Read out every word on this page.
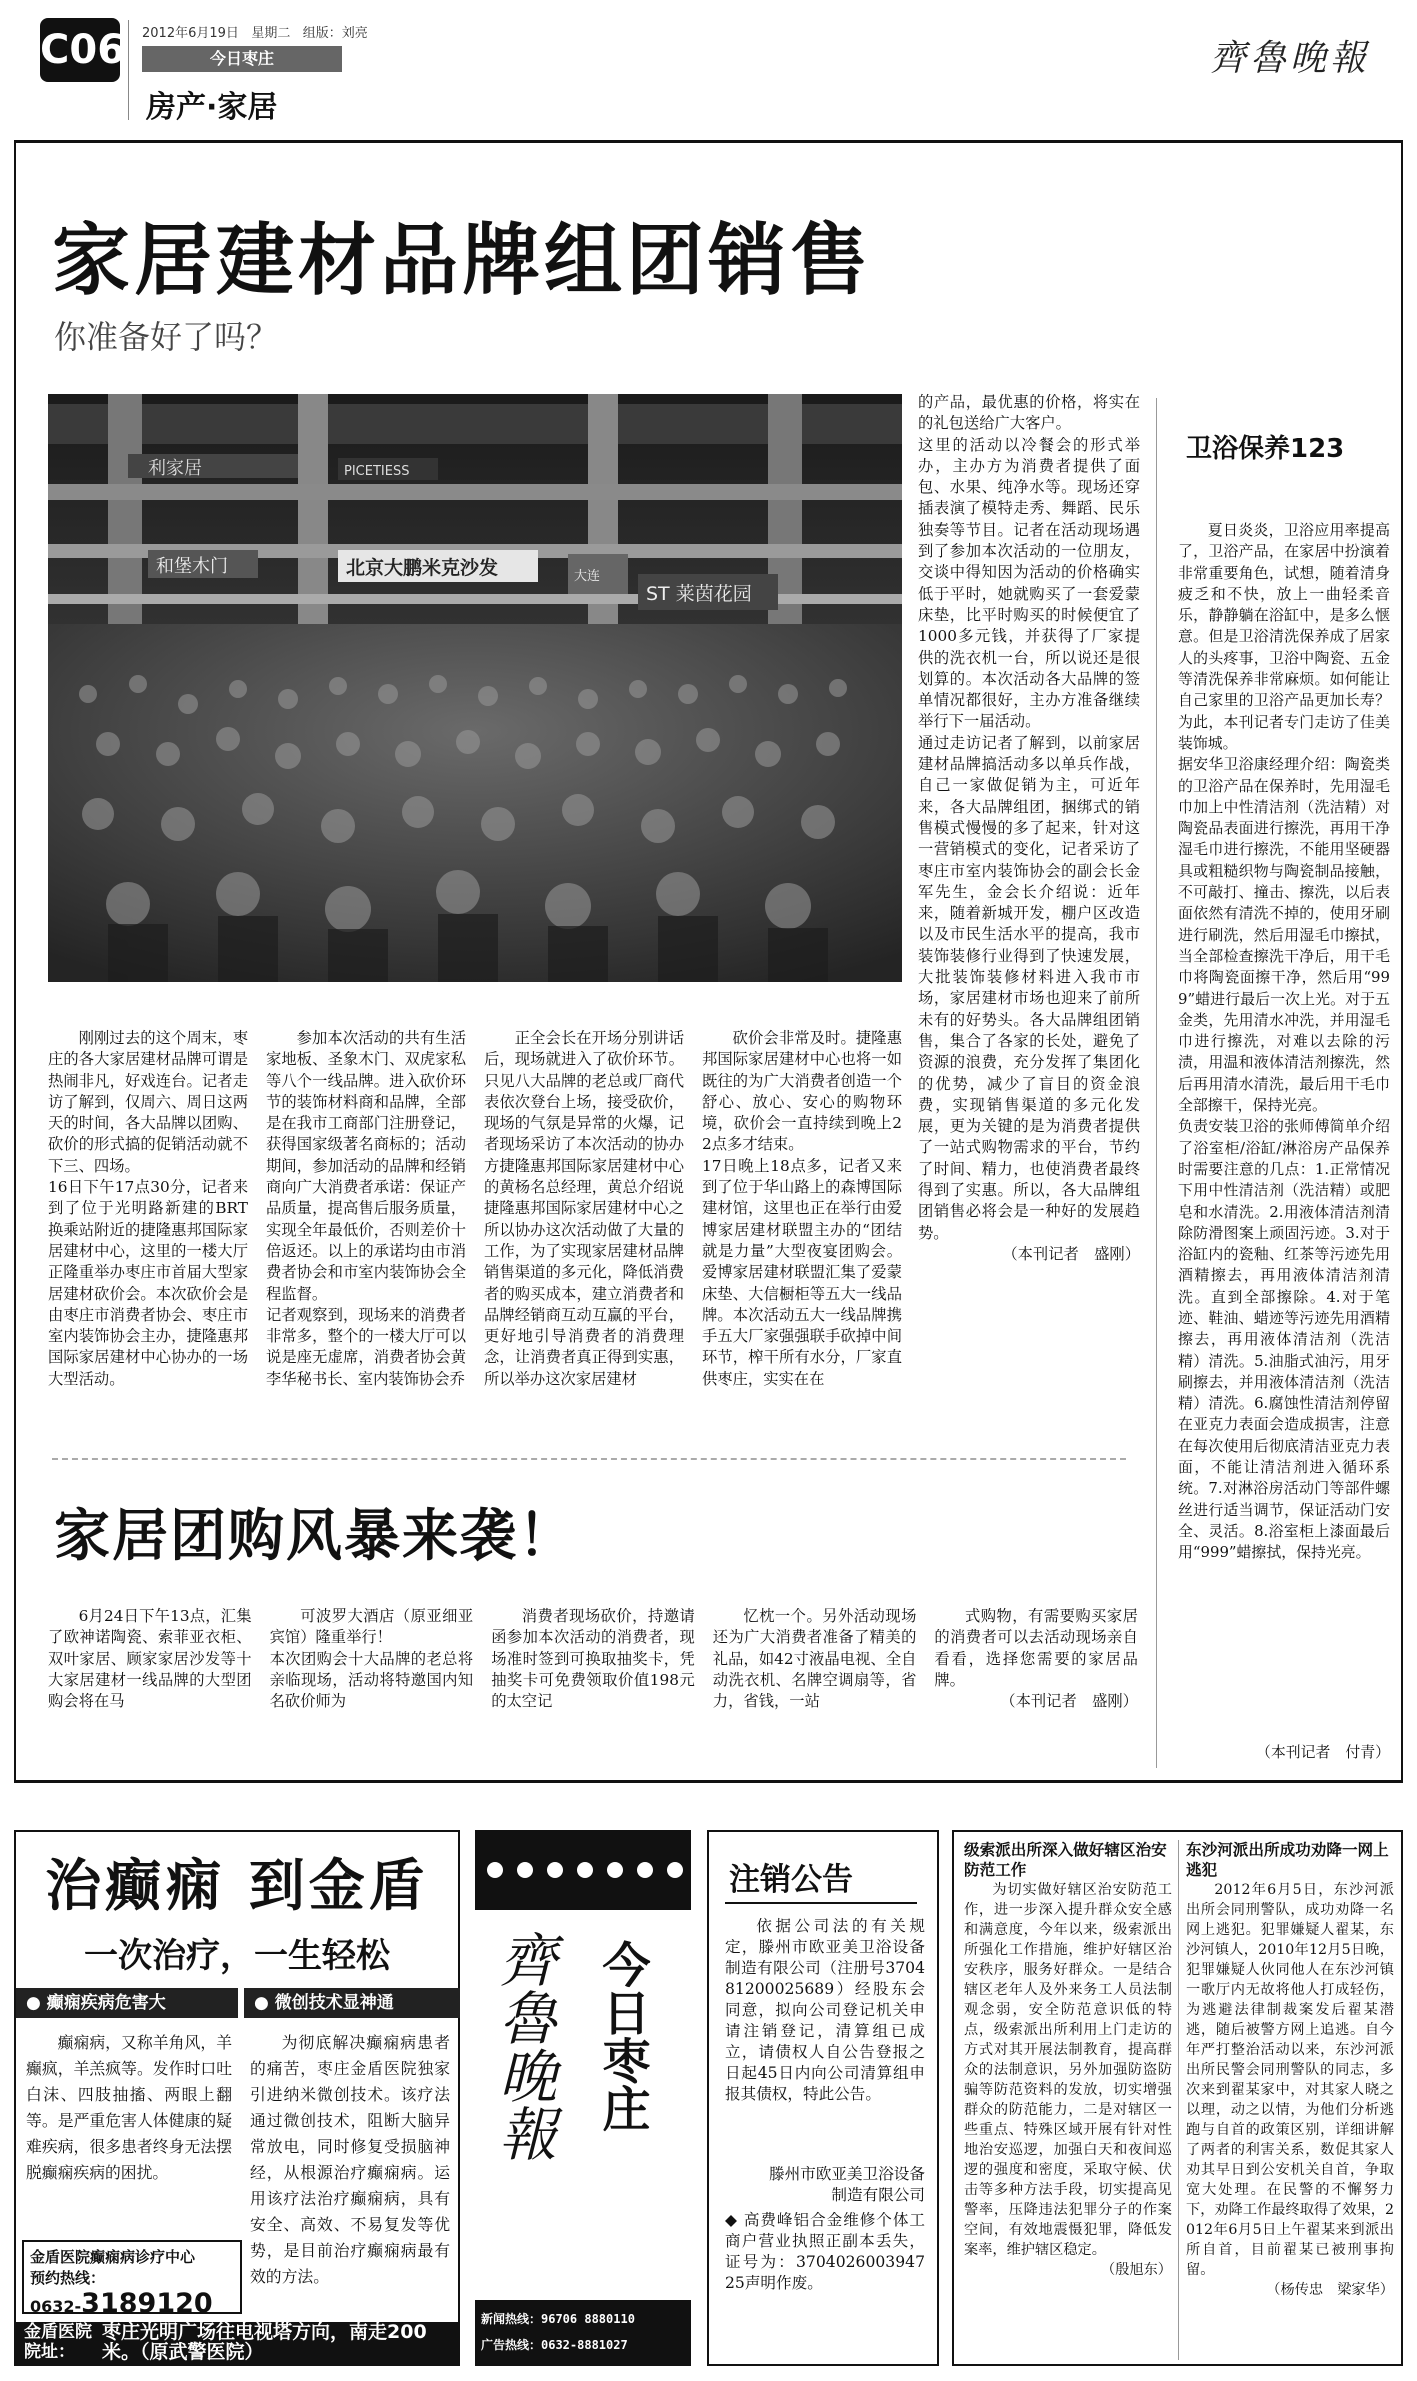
C06 2012年6月19日 星期二 组版：刘亮
今日枣庄
房产·家居
齊魯晚報
家居建材品牌组团销售
你准备好了吗？
利家居	PICETIESS
北京大鹏米克沙发
和堡木门
ST 莱茵花园
大连
的产品，最优惠的价格，将实在的礼包送给广大客户。
这里的活动以冷餐会的形式举办，主办方为消费者提供了面包、水果、纯净水等。现场还穿插表演了模特走秀、舞蹈、民乐独奏等节目。记者在活动现场遇到了参加本次活动的一位朋友，交谈中得知因为活动的价格确实低于平时，她就购买了一套爱蒙床垫，比平时购买的时候便宜了1000多元钱，并获得了厂家提供的洗衣机一台，所以说还是很划算的。本次活动各大品牌的签单情况都很好，主办方准备继续举行下一届活动。
通过走访记者了解到，以前家居建材品牌搞活动多以单兵作战，自己一家做促销为主，可近年来，各大品牌组团，捆绑式的销售模式慢慢的多了起来，针对这一营销模式的变化，记者采访了枣庄市室内装饰协会的副会长金军先生，金会长介绍说：近年来，随着新城开发，棚户区改造以及市民生活水平的提高，我市装饰装修行业得到了快速发展，大批装饰装修材料进入我市市场，家居建材市场也迎来了前所未有的好势头。各大品牌组团销售，集合了各家的长处，避免了资源的浪费，充分发挥了集团化的优势，减少了盲目的资金浪费，实现销售渠道的多元化发展，更为关键的是为消费者提供了一站式购物需求的平台，节约了时间、精力，也使消费者最终得到了实惠。所以，各大品牌组团销售必将会是一种好的发展趋势。
（本刊记者　盛刚）
刚刚过去的这个周末，枣庄的各大家居建材品牌可谓是热闹非凡，好戏连台。记者走访了解到，仅周六、周日这两天的时间，各大品牌以团购、砍价的形式搞的促销活动就不下三、四场。
16日下午17点30分，记者来到了位于光明路新建的BRT换乘站附近的捷隆惠邦国际家居建材中心，这里的一楼大厅正隆重举办枣庄市首届大型家居建材砍价会。本次砍价会是由枣庄市消费者协会、枣庄市室内装饰协会主办，捷隆惠邦国际家居建材中心协办的一场大型活动。
参加本次活动的共有生活家地板、圣象木门、双虎家私等八个一线品牌。进入砍价环节的装饰材料商和品牌，全部是在我市工商部门注册登记，获得国家级著名商标的；活动期间，参加活动的品牌和经销商向广大消费者承诺：保证产品质量，提高售后服务质量，实现全年最低价，否则差价十倍返还。以上的承诺均由市消费者协会和市室内装饰协会全程监督。
记者观察到，现场来的消费者非常多，整个的一楼大厅可以说是座无虚席，消费者协会黄李华秘书长、室内装饰协会乔
正全会长在开场分别讲话后，现场就进入了砍价环节。只见八大品牌的老总或厂商代表依次登台上场，接受砍价，现场的气氛是异常的火爆，记者现场采访了本次活动的协办方捷隆惠邦国际家居建材中心的黄杨名总经理，黄总介绍说捷隆惠邦国际家居建材中心之所以协办这次活动做了大量的工作，为了实现家居建材品牌销售渠道的多元化，降低消费者的购买成本，建立消费者和品牌经销商互动互赢的平台，更好地引导消费者的消费理念，让消费者真正得到实惠，所以举办这次家居建材
砍价会非常及时。捷隆惠邦国际家居建材中心也将一如既往的为广大消费者创造一个舒心、放心、安心的购物环境，砍价会一直持续到晚上22点多才结束。
17日晚上18点多，记者又来到了位于华山路上的森博国际建材馆，这里也正在举行由爱博家居建材联盟主办的“团结就是力量”大型夜宴团购会。爱博家居建材联盟汇集了爱蒙床垫、大信橱柜等五大一线品牌。本次活动五大一线品牌携手五大厂家强强联手砍掉中间环节，榨干所有水分，厂家直供枣庄，实实在在
卫浴保养123
夏日炎炎，卫浴应用率提高了，卫浴产品，在家居中扮演着非常重要角色，试想，随着清身疲乏和不快，放上一曲轻柔音乐，静静躺在浴缸中，是多么惬意。但是卫浴清洗保养成了居家人的头疼事，卫浴中陶瓷、五金等清洗保养非常麻烦。如何能让自己家里的卫浴产品更加长寿？为此，本刊记者专门走访了佳美装饰城。
据安华卫浴康经理介绍：陶瓷类的卫浴产品在保养时，先用湿毛巾加上中性清洁剂（洗洁精）对陶瓷品表面进行擦洗，再用干净湿毛巾进行擦洗，不能用坚硬器具或粗糙织物与陶瓷制品接触，不可敲打、撞击、擦洗，以后表面依然有清洗不掉的，使用牙刷进行刷洗，然后用湿毛巾擦拭，当全部检查擦洗干净后，用干毛巾将陶瓷面擦干净，然后用“999”蜡进行最后一次上光。对于五金类，先用清水冲洗，并用湿毛巾进行擦洗，对难以去除的污渍，用温和液体清洁剂擦洗，然后再用清水清洗，最后用干毛巾全部擦干，保持光亮。
负责安装卫浴的张师傅简单介绍了浴室柜/浴缸/淋浴房产品保养时需要注意的几点：1.正常情况下用中性清洁剂（洗洁精）或肥皂和水清洗。2.用液体清洁剂清除防滑图案上顽固污迹。3.对于浴缸内的瓷釉、红茶等污迹先用酒精擦去，再用液体清洁剂清洗。直到全部擦除。4.对于笔迹、鞋油、蜡迹等污迹先用酒精擦去，再用液体清洁剂（洗洁精）清洗。5.油脂式油污，用牙刷擦去，并用液体清洁剂（洗洁精）清洗。6.腐蚀性清洁剂停留在亚克力表面会造成损害，注意在每次使用后彻底清洁亚克力表面，不能让清洁剂进入循环系统。7.对淋浴房活动门等部件螺丝进行适当调节，保证活动门安全、灵活。8.浴室柜上漆面最后用“999”蜡擦拭，保持光亮。
（本刊记者　付青）
家居团购风暴来袭！
6月24日下午13点，汇集了欧神诺陶瓷、索菲亚衣柜、双叶家居、顾家家居沙发等十大家居建材一线品牌的大型团购会将在马
可波罗大酒店（原亚细亚宾馆）隆重举行！
本次团购会十大品牌的老总将亲临现场，活动将特邀国内知名砍价师为
消费者现场砍价，持邀请函参加本次活动的消费者，现场准时签到可换取抽奖卡，凭抽奖卡可免费领取价值198元的太空记
忆枕一个。另外活动现场还为广大消费者准备了精美的礼品，如42寸液晶电视、全自动洗衣机、名牌空调扇等，省力，省钱，一站
式购物，有需要购买家居的消费者可以去活动现场亲自看看，选择您需要的家居品牌。
（本刊记者　盛刚）
治癫痫 到金盾
一次治疗，一生轻松
● 癫痫疾病危害大	● 微创技术显神通
癫痫病，又称羊角风，羊癫疯，羊羔疯等。发作时口吐白沫、四肢抽搐、两眼上翻等。是严重危害人体健康的疑难疾病，很多患者终身无法摆脱癫痫疾病的困扰。
为彻底解决癫痫病患者的痛苦，枣庄金盾医院独家引进纳米微创技术。该疗法通过微创技术，阻断大脑异常放电，同时修复受损脑神经，从根源治疗癫痫病。运用该疗法治疗癫痫病，具有安全、高效、不易复发等优势，是目前治疗癫痫病最有效的方法。
金盾医院癫痫病诊疗中心
预约热线：
0632-3189120
金盾医院
院址：
枣庄光明广场往电视塔方向，南走200米。（原武警医院）
齊魯晚報 今日枣庄
新闻热线：96706 8880110
广告热线：0632-8881027
注销公告
依据公司法的有关规定，滕州市欧亚美卫浴设备制造有限公司（注册号370481200025689）经股东会同意，拟向公司登记机关申请注销登记，清算组已成立，请债权人自公告登报之日起45日内向公司清算组申报其债权，特此公告。
滕州市欧亚美卫浴设备制造有限公司
◆ 高费峰铝合金维修个体工商户营业执照正副本丢失，证号为：370402600394725声明作废。
级索派出所深入做好辖区治安防范工作
为切实做好辖区治安防范工作，进一步深入提升群众安全感和满意度，今年以来，级索派出所强化工作措施，维护好辖区治安秩序，服务好群众。一是结合辖区老年人及外来务工人员法制观念弱，安全防范意识低的特点，级索派出所利用上门走访的方式对其开展法制教育，提高群众的法制意识，另外加强防盗防骗等防范资料的发放，切实增强群众的防范能力，二是对辖区一些重点、特殊区域开展有针对性地治安巡逻，加强白天和夜间巡逻的强度和密度，采取守候、伏击等多种方法手段，切实提高见警率，压降违法犯罪分子的作案空间，有效地震慑犯罪，降低发案率，维护辖区稳定。
（殷旭东）
东沙河派出所成功劝降一网上逃犯
2012年6月5日，东沙河派出所会同刑警队，成功劝降一名网上逃犯。犯罪嫌疑人翟某，东沙河镇人，2010年12月5日晚，犯罪嫌疑人伙同他人在东沙河镇一歌厅内无故将他人打成轻伤，为逃避法律制裁案发后翟某潜逃，随后被警方网上追逃。自今年严打整治活动以来，东沙河派出所民警会同刑警队的同志，多次来到翟某家中，对其家人晓之以理，动之以情，为他们分析逃跑与自首的政策区别，详细讲解了两者的利害关系，数促其家人劝其早日到公安机关自首，争取宽大处理。在民警的不懈努力下，劝降工作最终取得了效果，2012年6月5日上午翟某来到派出所自首，目前翟某已被刑事拘留。
（杨传忠　梁家华）
